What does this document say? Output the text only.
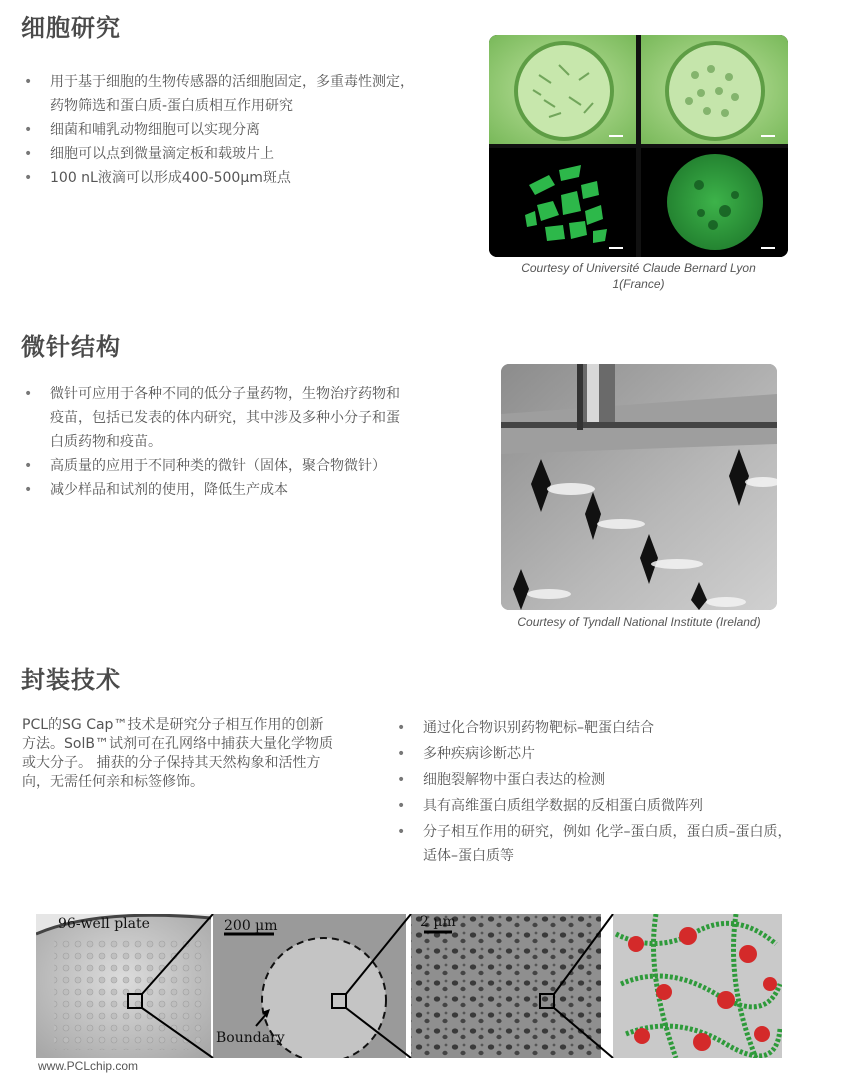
细胞研究
• 用于基于细胞的生物传感器的活细胞固定，多重毒性测定，
药物筛选和蛋白质-蛋白质相互作用研究
• 细菌和哺乳动物细胞可以实现分离
• 细胞可以点到微量滴定板和载玻片上
• 100 nL液滴可以形成400-500µm斑点
Courtesy of Université Claude Bernard Lyon
1(France)
微针结构
• 微针可应用于各种不同的低分子量药物，生物治疗药物和
疫苗，包括已发表的体内研究，其中涉及多种小分子和蛋
白质药物和疫苗。
• 高质量的应用于不同种类的微针（固体，聚合物微针）
• 减少样品和试剂的使用，降低生产成本
Courtesy of Tyndall National Institute (Ireland)
封装技术
PCL的SG Cap™技术是研究分子相互作用的创新
方法。SolB™试剂可在孔网络中捕获大量化学物质
或大分子。 捕获的分子保持其天然构象和活性方
向，无需任何亲和标签修饰。
• 通过化合物识别药物靶标–靶蛋白结合
• 多种疾病诊断芯片
• 细胞裂解物中蛋白表达的检测
• 具有高维蛋白质组学数据的反相蛋白质微阵列
• 分子相互作用的研究，例如 化学–蛋白质，蛋白质–蛋白质，
适体–蛋白质等
96-well plate	200 µm
Boundary
2 µm
www.PCLchip.com
